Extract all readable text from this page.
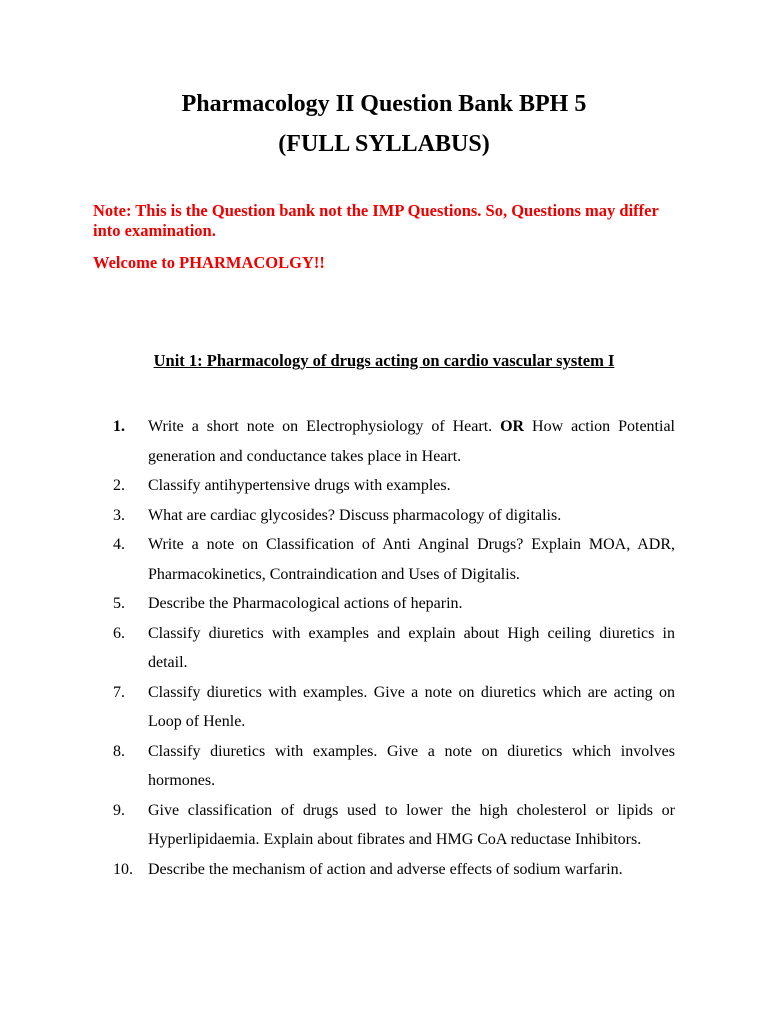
Pharmacology II Question Bank BPH 5
(FULL SYLLABUS)
Note: This is the Question bank not the IMP Questions. So, Questions may differ into examination.
Welcome to PHARMACOLGY!!
Unit 1: Pharmacology of drugs acting on cardio vascular system I
1.	Write a short note on Electrophysiology of Heart. OR How action Potential generation and conductance takes place in Heart.
2.	Classify antihypertensive drugs with examples.
3.	What are cardiac glycosides? Discuss pharmacology of digitalis.
4.	Write a note on Classification of Anti Anginal Drugs? Explain MOA, ADR, Pharmacokinetics, Contraindication and Uses of Digitalis.
5.	Describe the Pharmacological actions of heparin.
6.	Classify diuretics with examples and explain about High ceiling diuretics in detail.
7.	Classify diuretics with examples. Give a note on diuretics which are acting on Loop of Henle.
8.	Classify diuretics with examples. Give a note on diuretics which involves hormones.
9.	Give classification of drugs used to lower the high cholesterol or lipids or Hyperlipidaemia. Explain about fibrates and HMG CoA reductase Inhibitors.
10. Describe the mechanism of action and adverse effects of sodium warfarin.
